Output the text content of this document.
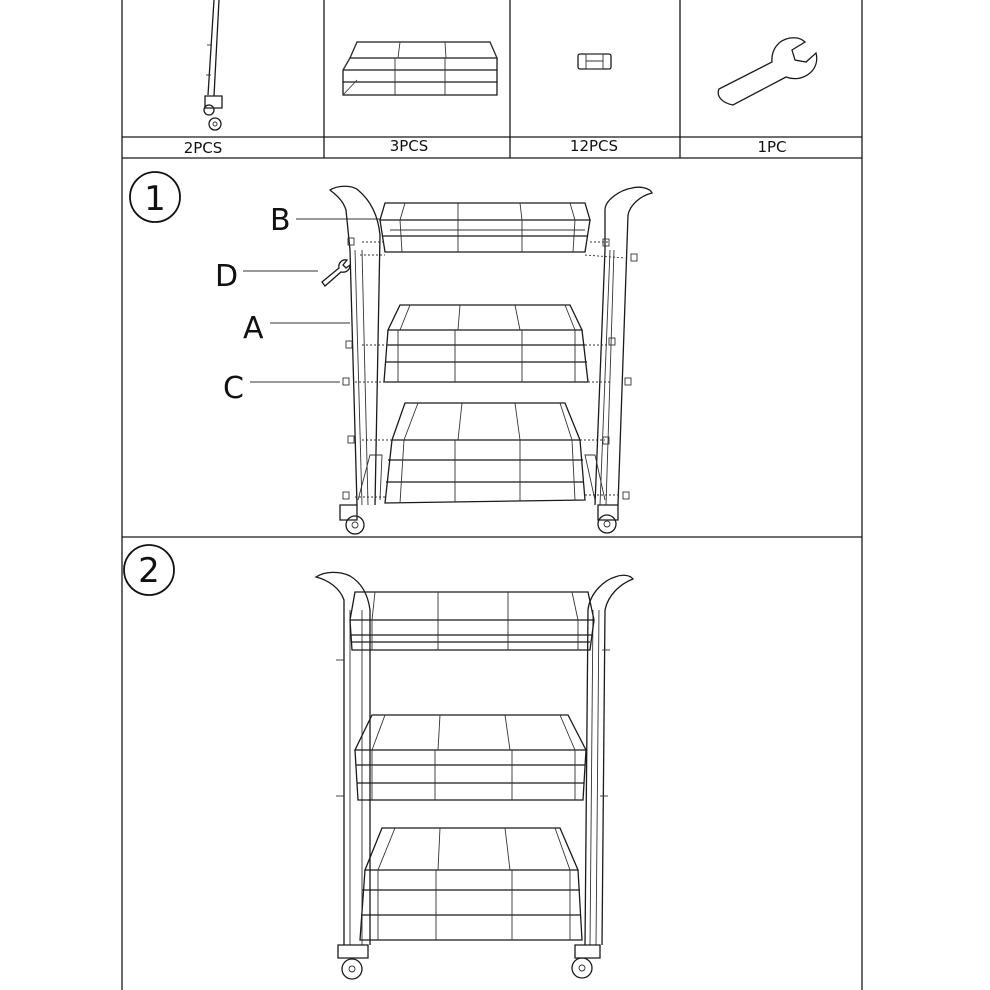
2PCS	3PCS	12PCS	1PC
1
B
D
A
C
2
